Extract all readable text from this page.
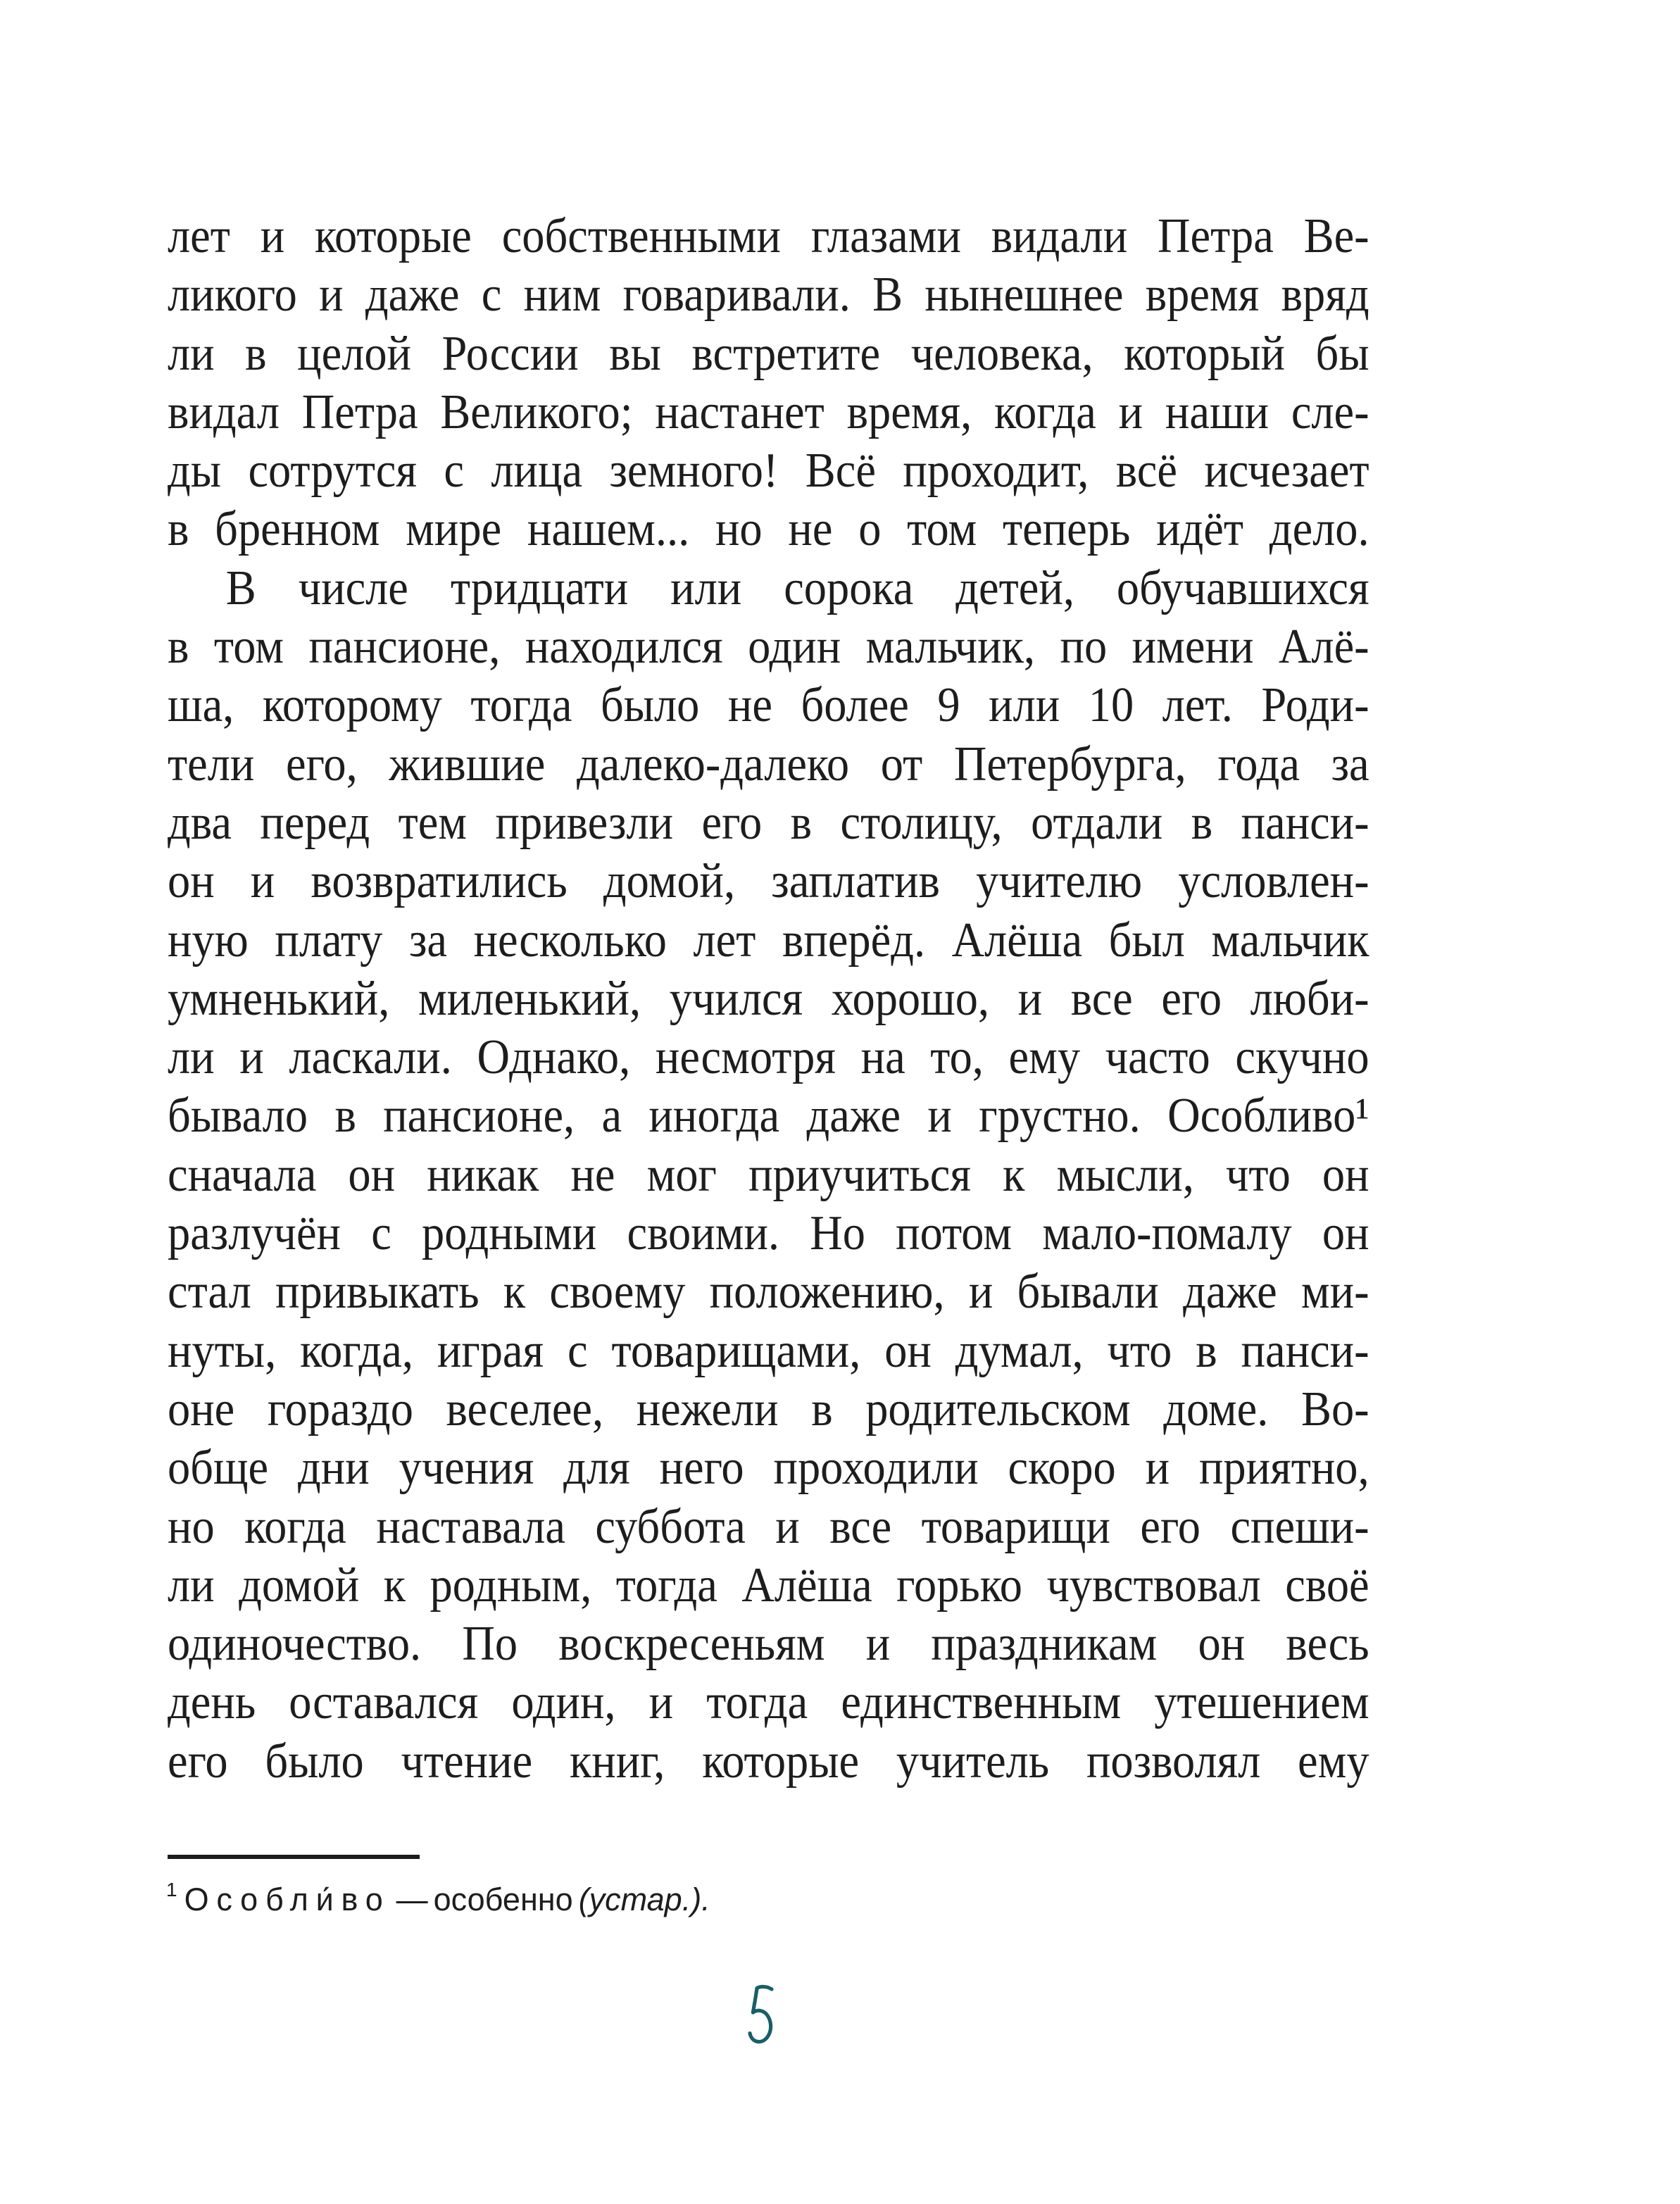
лет и которые собственными глазами видали Петра Ве-
ликого и даже с ним говаривали. В нынешнее время вряд
ли в целой России вы встретите человека, который бы
видал Петра Великого; настанет время, когда и наши сле-
ды сотрутся с лица земного! Всё проходит, всё исчезает
в бренном мире нашем... но не о том теперь идёт дело.
В числе тридцати или сорока детей, обучавшихся
в том пансионе, находился один мальчик, по имени Алё-
ша, которому тогда было не более 9 или 10 лет. Роди-
тели его, жившие далеко-далеко от Петербурга, года за
два перед тем привезли его в столицу, отдали в панси-
он и возвратились домой, заплатив учителю условлен-
ную плату за несколько лет вперёд. Алёша был мальчик
умненький, миленький, учился хорошо, и все его люби-
ли и ласкали. Однако, несмотря на то, ему часто скучно
бывало в пансионе, а иногда даже и грустно. Особливо¹
сначала он никак не мог приучиться к мысли, что он
разлучён с родными своими. Но потом мало-помалу он
стал привыкать к своему положению, и бывали даже ми-
нуты, когда, играя с товарищами, он думал, что в панси-
оне гораздо веселее, нежели в родительском доме. Во-
обще дни учения для него проходили скоро и приятно,
но когда наставала суббота и все товарищи его спеши-
ли домой к родным, тогда Алёша горько чувствовал своё
одиночество. По воскресеньям и праздникам он весь
день оставался один, и тогда единственным утешением
его было чтение книг, которые учитель позволял ему
$^1$ Особли́во — особенно (устар.).
